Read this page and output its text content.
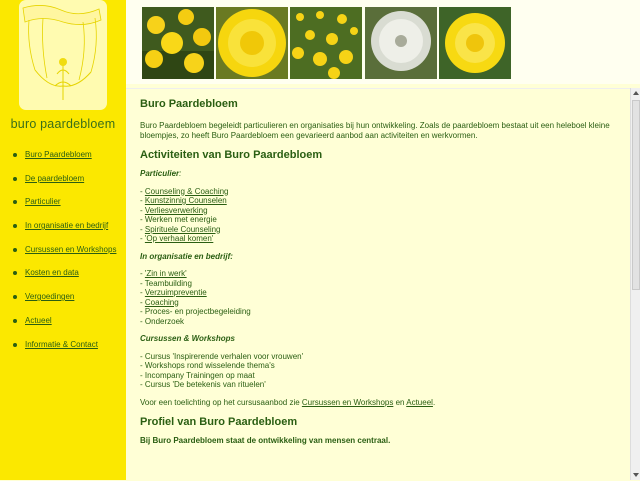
buro paardebloem
Buro Paardebloem
De paardebloem
Particulier
In organisatie en bedrijf
Cursussen en Workshops
Kosten en data
Vergoedingen
Actueel
Informatie & Contact
Buro Paardebloem

Buro Paardebloem begeleidt particulieren en organisaties bij hun ontwikkeling. Zoals de paardebloem bestaat uit een heleboel kleine bloempjes, zo heeft Buro Paardebloem een gevarieerd aanbod aan activiteiten en werkvormen.

Activiteiten van Buro Paardebloem
Particulier:
- Counseling & Coaching
- Kunstzinnig Counselen
- Verliesverwerking
- Werken met energie
- Spirituele Counseling
- 'Op verhaal komen'
In organisatie en bedrijf:
- 'Zin in werk'
- Teambuilding
- Verzuimpreventie
- Coaching
- Proces- en projectbegeleiding
- Onderzoek
Cursussen & Workshops
- Cursus 'Inspirerende verhalen voor vrouwen'
- Workshops rond wisselende thema's
- Incompany Trainingen op maat
- Cursus 'De betekenis van rituelen'

Voor een toelichting op het cursusaanbod zie Cursussen en Workshops en Actueel.

Profiel van Buro Paardebloem

Bij Buro Paardebloem staat de ontwikkeling van mensen centraal.
